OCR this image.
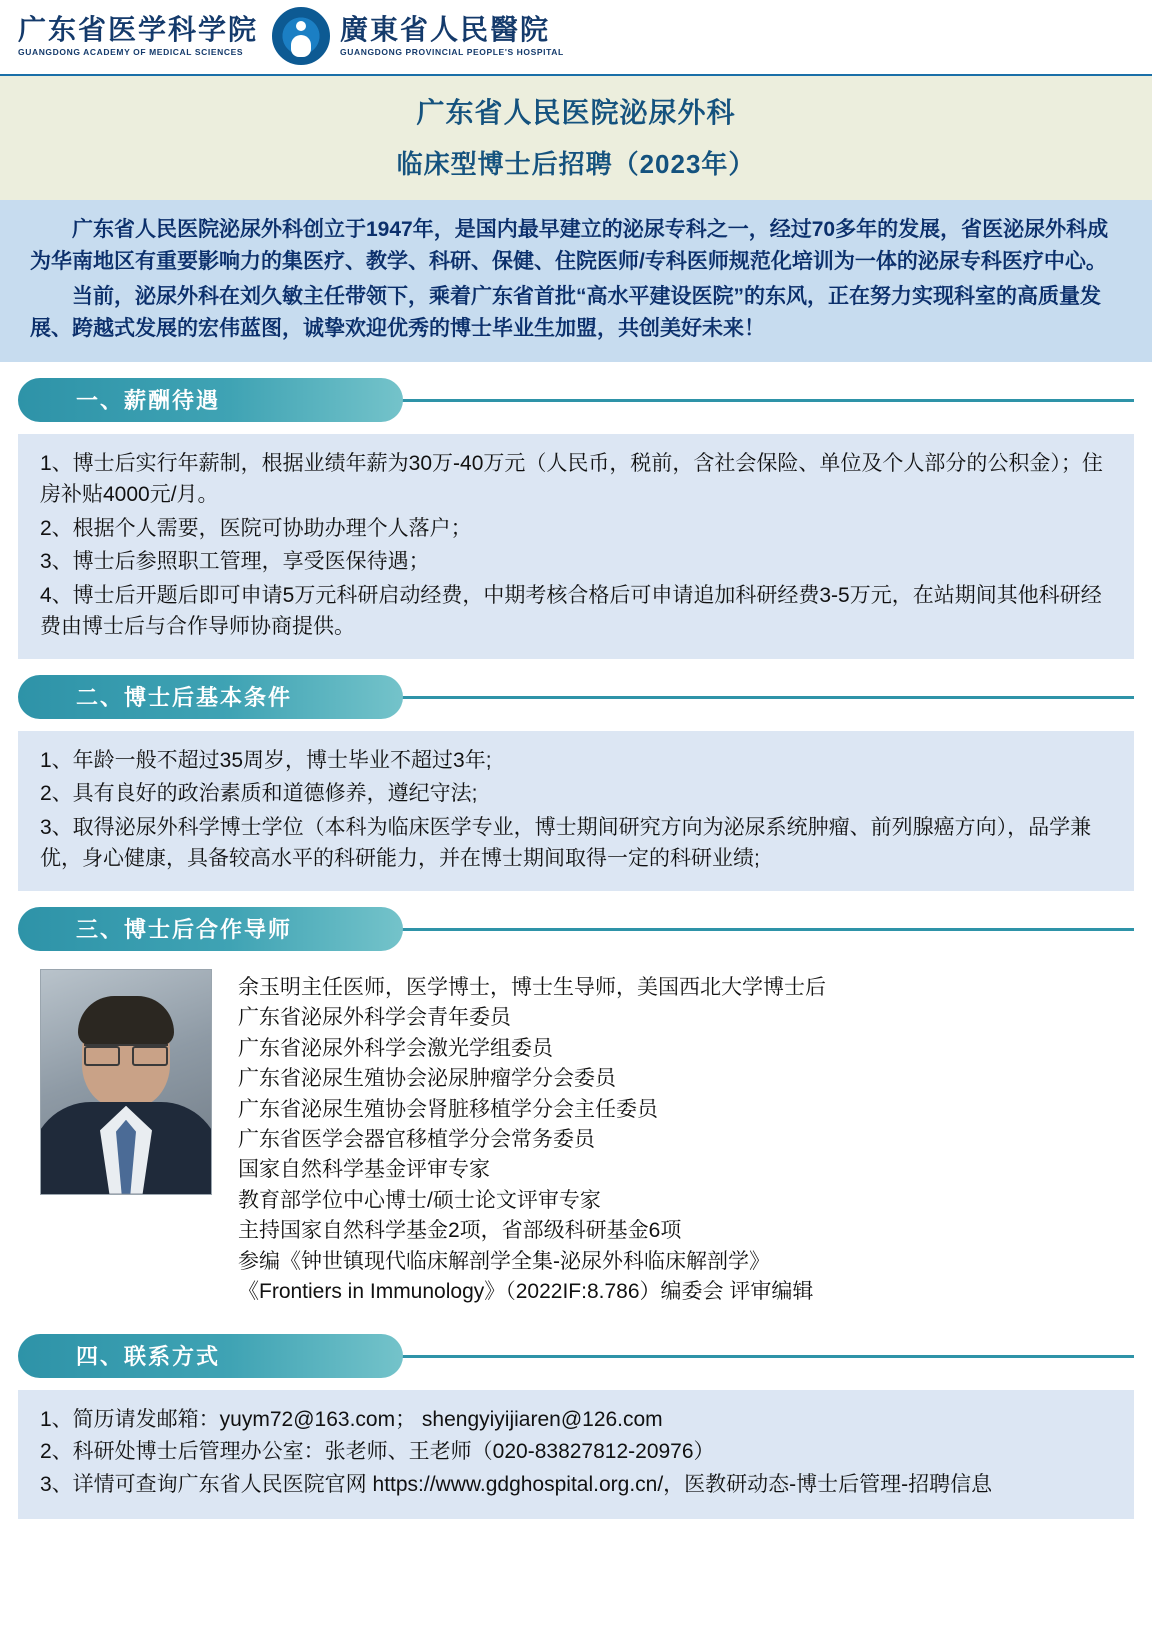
广东省医学科学院
GUANGDONG ACADEMY OF MEDICAL SCIENCES
廣東省人民醫院
GUANGDONG PROVINCIAL PEOPLE'S HOSPITAL
广东省人民医院泌尿外科
临床型博士后招聘（2023年）

广东省人民医院泌尿外科创立于1947年，是国内最早建立的泌尿专科之一，经过70多年的发展，省医泌尿外科成为华南地区有重要影响力的集医疗、教学、科研、保健、住院医师/专科医师规范化培训为一体的泌尿专科医疗中心。

当前，泌尿外科在刘久敏主任带领下，乘着广东省首批“高水平建设医院”的东风，正在努力实现科室的高质量发展、跨越式发展的宏伟蓝图，诚挚欢迎优秀的博士毕业生加盟，共创美好未来！

一、薪酬待遇

1、博士后实行年薪制，根据业绩年薪为30万-40万元（人民币，税前，含社会保险、单位及个人部分的公积金）；住房补贴4000元/月。

2、根据个人需要，医院可协助办理个人落户；

3、博士后参照职工管理，享受医保待遇；

4、博士后开题后即可申请5万元科研启动经费，中期考核合格后可申请追加科研经费3-5万元，在站期间其他科研经费由博士后与合作导师协商提供。

二、博士后基本条件

1、年龄一般不超过35周岁，博士毕业不超过3年;

2、具有良好的政治素质和道德修养，遵纪守法;

3、取得泌尿外科学博士学位（本科为临床医学专业，博士期间研究方向为泌尿系统肿瘤、前列腺癌方向），品学兼优，身心健康，具备较高水平的科研能力，并在博士期间取得一定的科研业绩;

三、博士后合作导师

余玉明主任医师，医学博士，博士生导师，美国西北大学博士后

广东省泌尿外科学会青年委员

广东省泌尿外科学会激光学组委员

广东省泌尿生殖协会泌尿肿瘤学分会委员

广东省泌尿生殖协会肾脏移植学分会主任委员

广东省医学会器官移植学分会常务委员

国家自然科学基金评审专家

教育部学位中心博士/硕士论文评审专家

主持国家自然科学基金2项，省部级科研基金6项

参编《钟世镇现代临床解剖学全集-泌尿外科临床解剖学》

《Frontiers in Immunology》（2022IF:8.786）编委会 评审编辑

四、联系方式

1、简历请发邮箱：yuym72@163.com； shengyiyijiaren@126.com

2、科研处博士后管理办公室：张老师、王老师（020-83827812-20976）

3、详情可查询广东省人民医院官网 https://www.gdghospital.org.cn/，医教研动态-博士后管理-招聘信息
